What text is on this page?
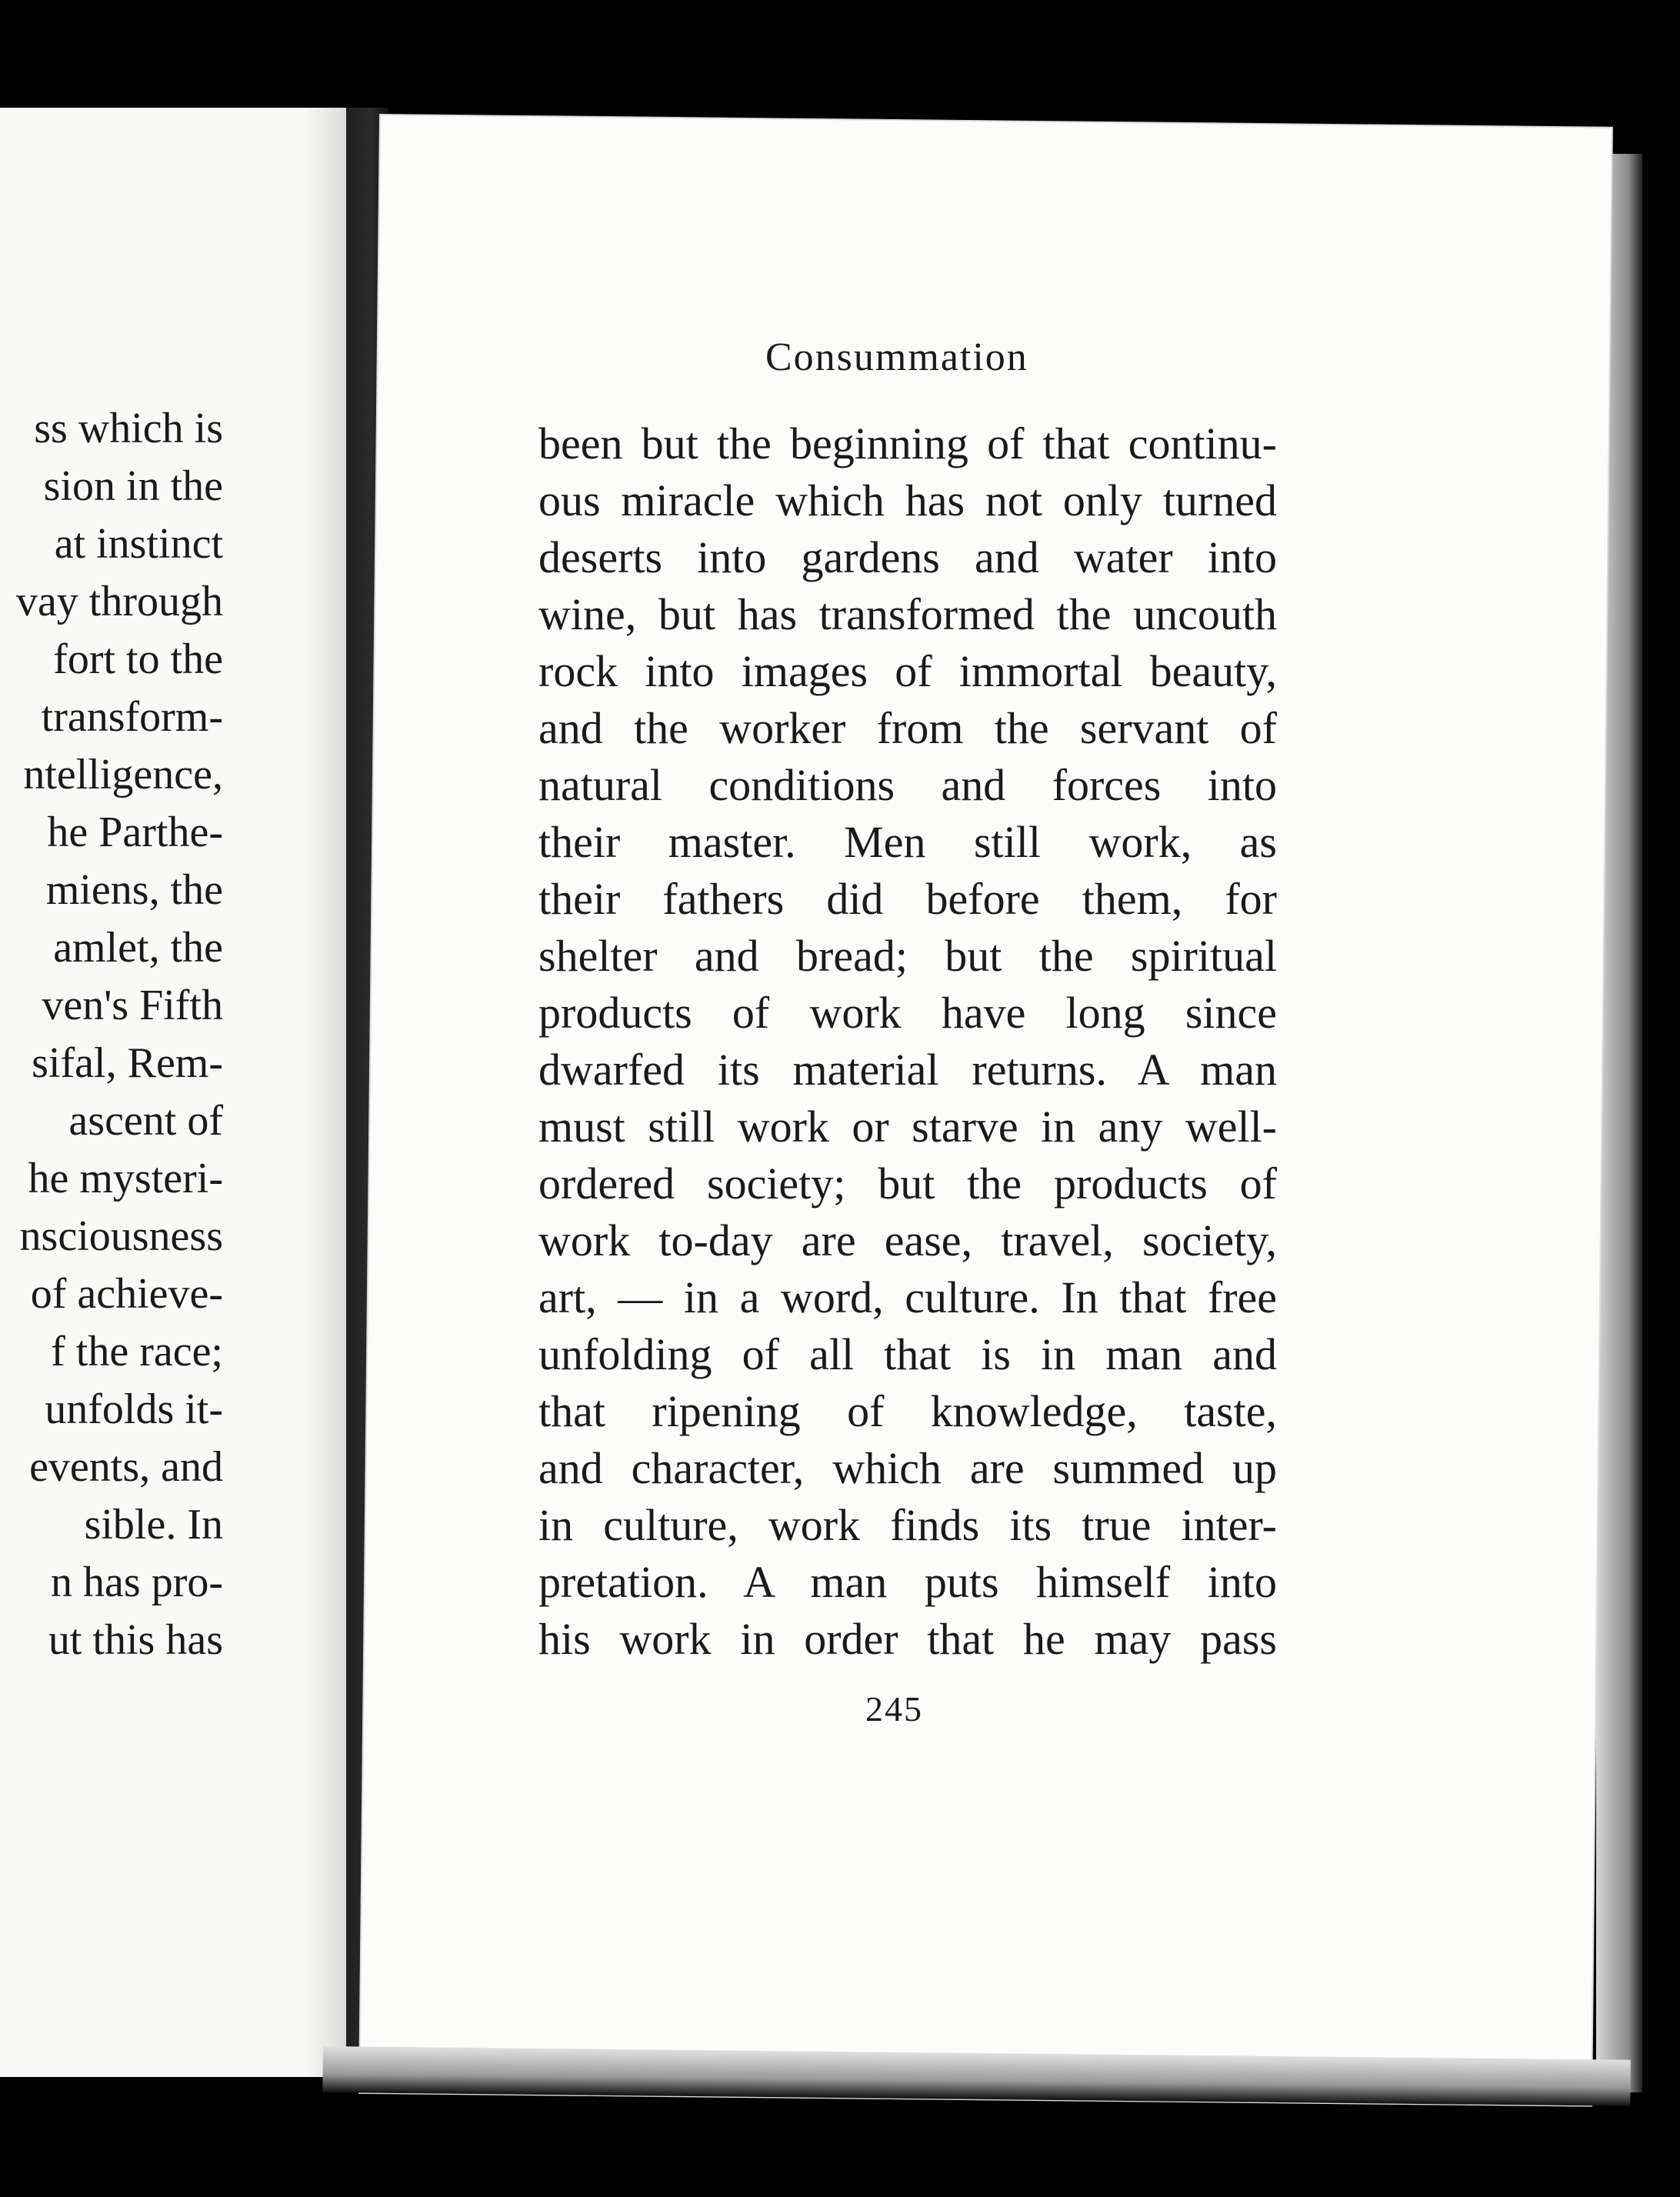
ss which is
sion in the
at instinct
vay through
fort to the
transform-
ntelligence,
he Parthe-
miens, the
amlet, the
ven's Fifth
sifal, Rem-
ascent of
he mysteri-
nsciousness
of achieve-
f the race;
unfolds it-
events, and
sible. In
n has pro-
ut this has
Consummation
been but the beginning of that continu-
ous miracle which has not only turned
deserts into gardens and water into
wine, but has transformed the uncouth
rock into images of immortal beauty,
and the worker from the servant of
natural conditions and forces into
their master. Men still work, as
their fathers did before them, for
shelter and bread; but the spiritual
products of work have long since
dwarfed its material returns. A man
must still work or starve in any well-
ordered society; but the products of
work to-day are ease, travel, society,
art, — in a word, culture. In that free
unfolding of all that is in man and
that ripening of knowledge, taste,
and character, which are summed up
in culture, work finds its true inter-
pretation. A man puts himself into
his work in order that he may pass
245
